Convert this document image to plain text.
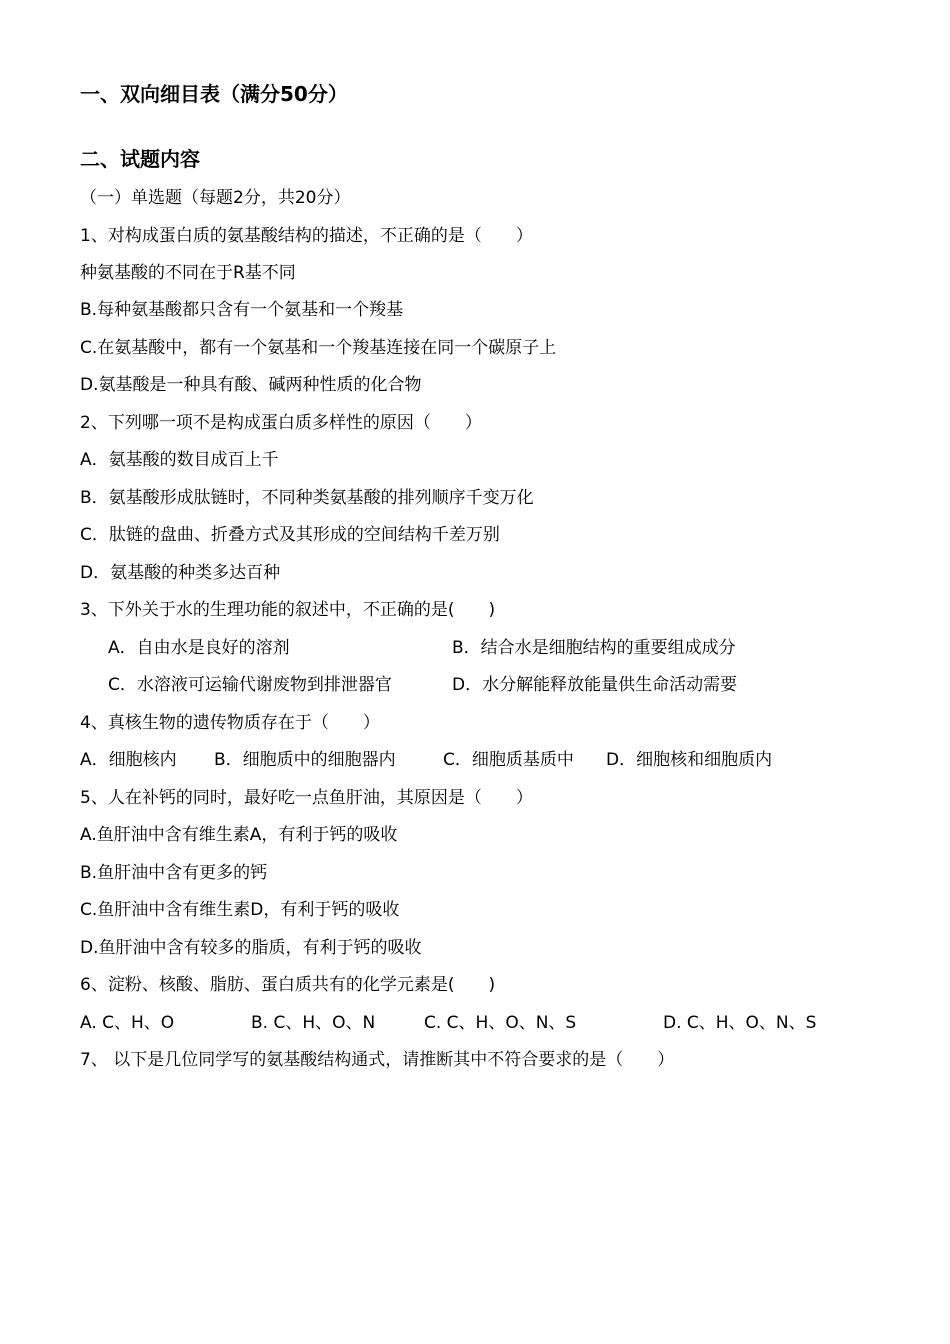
一、双向细目表（满分50分）
二、试题内容
（一）单选题（每题2分，共20分）
1、对构成蛋白质的氨基酸结构的描述，不正确的是（　　）
种氨基酸的不同在于R基不同
B.每种氨基酸都只含有一个氨基和一个羧基
C.在氨基酸中，都有一个氨基和一个羧基连接在同一个碳原子上
D.氨基酸是一种具有酸、碱两种性质的化合物
2、下列哪一项不是构成蛋白质多样性的原因（　　）
A．氨基酸的数目成百上千
B．氨基酸形成肽链时，不同种类氨基酸的排列顺序千变万化
C．肽链的盘曲、折叠方式及其形成的空间结构千差万别
D．氨基酸的种类多达百种
3、下外关于水的生理功能的叙述中，不正确的是(　　)
A．自由水是良好的溶剂	B．结合水是细胞结构的重要组成成分
C．水溶液可运输代谢废物到排泄器官	D．水分解能释放能量供生命活动需要
4、真核生物的遗传物质存在于（　　）
A．细胞核内 B．细胞质中的细胞器内	C．细胞质基质中 D．细胞核和细胞质内
5、人在补钙的同时，最好吃一点鱼肝油，其原因是（　　）
A.鱼肝油中含有维生素A，有利于钙的吸收
B.鱼肝油中含有更多的钙
C.鱼肝油中含有维生素D，有利于钙的吸收
D.鱼肝油中含有较多的脂质，有利于钙的吸收
6、淀粉、核酸、脂肪、蛋白质共有的化学元素是(　　)
A. C、H、O	B. C、H、O、N	C. C、H、O、N、S	D. C、H、O、N、S
7、 以下是几位同学写的氨基酸结构通式，请推断其中不符合要求的是（　　）
